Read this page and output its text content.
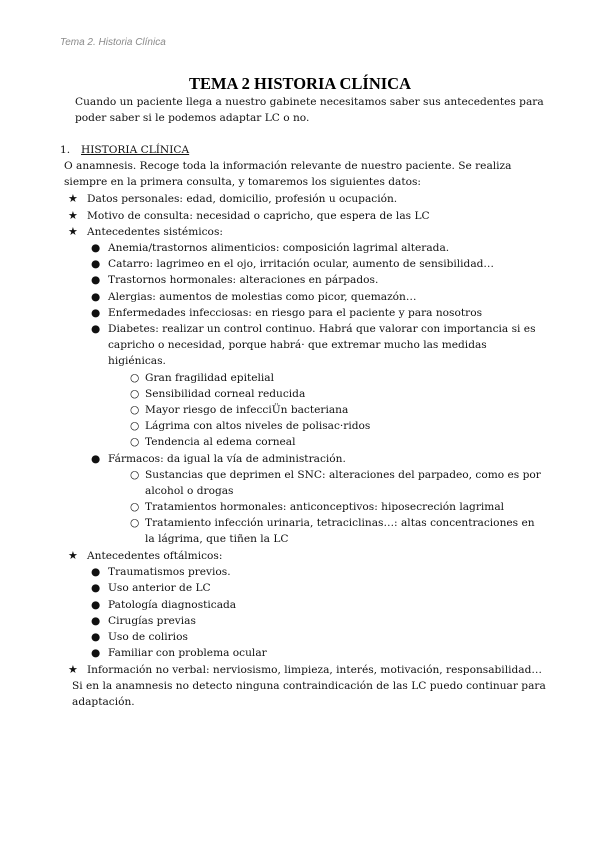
Tema 2. Historia Clínica
TEMA 2 HISTORIA CLÍNICA
Cuando un paciente llega a nuestro gabinete necesitamos saber sus antecedentes para
poder saber si le podemos adaptar LC o no.
1. HISTORIA CLÍNICA
O anamnesis. Recoge toda la información relevante de nuestro paciente. Se realiza
siempre en la primera consulta, y tomaremos los siguientes datos:
★ Datos personales: edad, domicilio, profesión u ocupación.
★ Motivo de consulta: necesidad o capricho, que espera de las LC
★ Antecedentes sistémicos:
● Anemia/trastornos alimenticios: composición lagrimal alterada.
● Catarro: lagrimeo en el ojo, irritación ocular, aumento de sensibilidad…
● Trastornos hormonales: alteraciones en párpados.
● Alergias: aumentos de molestias como picor, quemazón…
● Enfermedades infecciosas: en riesgo para el paciente y para nosotros
● Diabetes: realizar un control continuo. Habrá que valorar con importancia si es
capricho o necesidad, porque habrá· que extremar mucho las medidas
higiénicas.
○ Gran fragilidad epitelial
○ Sensibilidad corneal reducida
○ Mayor riesgo de infecciÜn bacteriana
○ Lágrima con altos niveles de polisac·ridos
○ Tendencia al edema corneal
● Fármacos: da igual la vía de administración.
○ Sustancias que deprimen el SNC: alteraciones del parpadeo, como es por
alcohol o drogas
○ Tratamientos hormonales: anticonceptivos: hiposecreción lagrimal
○ Tratamiento infección urinaria, tetraciclinas…: altas concentraciones en
la lágrima, que tiñen la LC
★ Antecedentes oftálmicos:
● Traumatismos previos.
● Uso anterior de LC
● Patología diagnosticada
● Cirugías previas
● Uso de colirios
● Familiar con problema ocular
★ Información no verbal: nerviosismo, limpieza, interés, motivación, responsabilidad…
Si en la anamnesis no detecto ninguna contraindicación de las LC puedo continuar para
adaptación.
